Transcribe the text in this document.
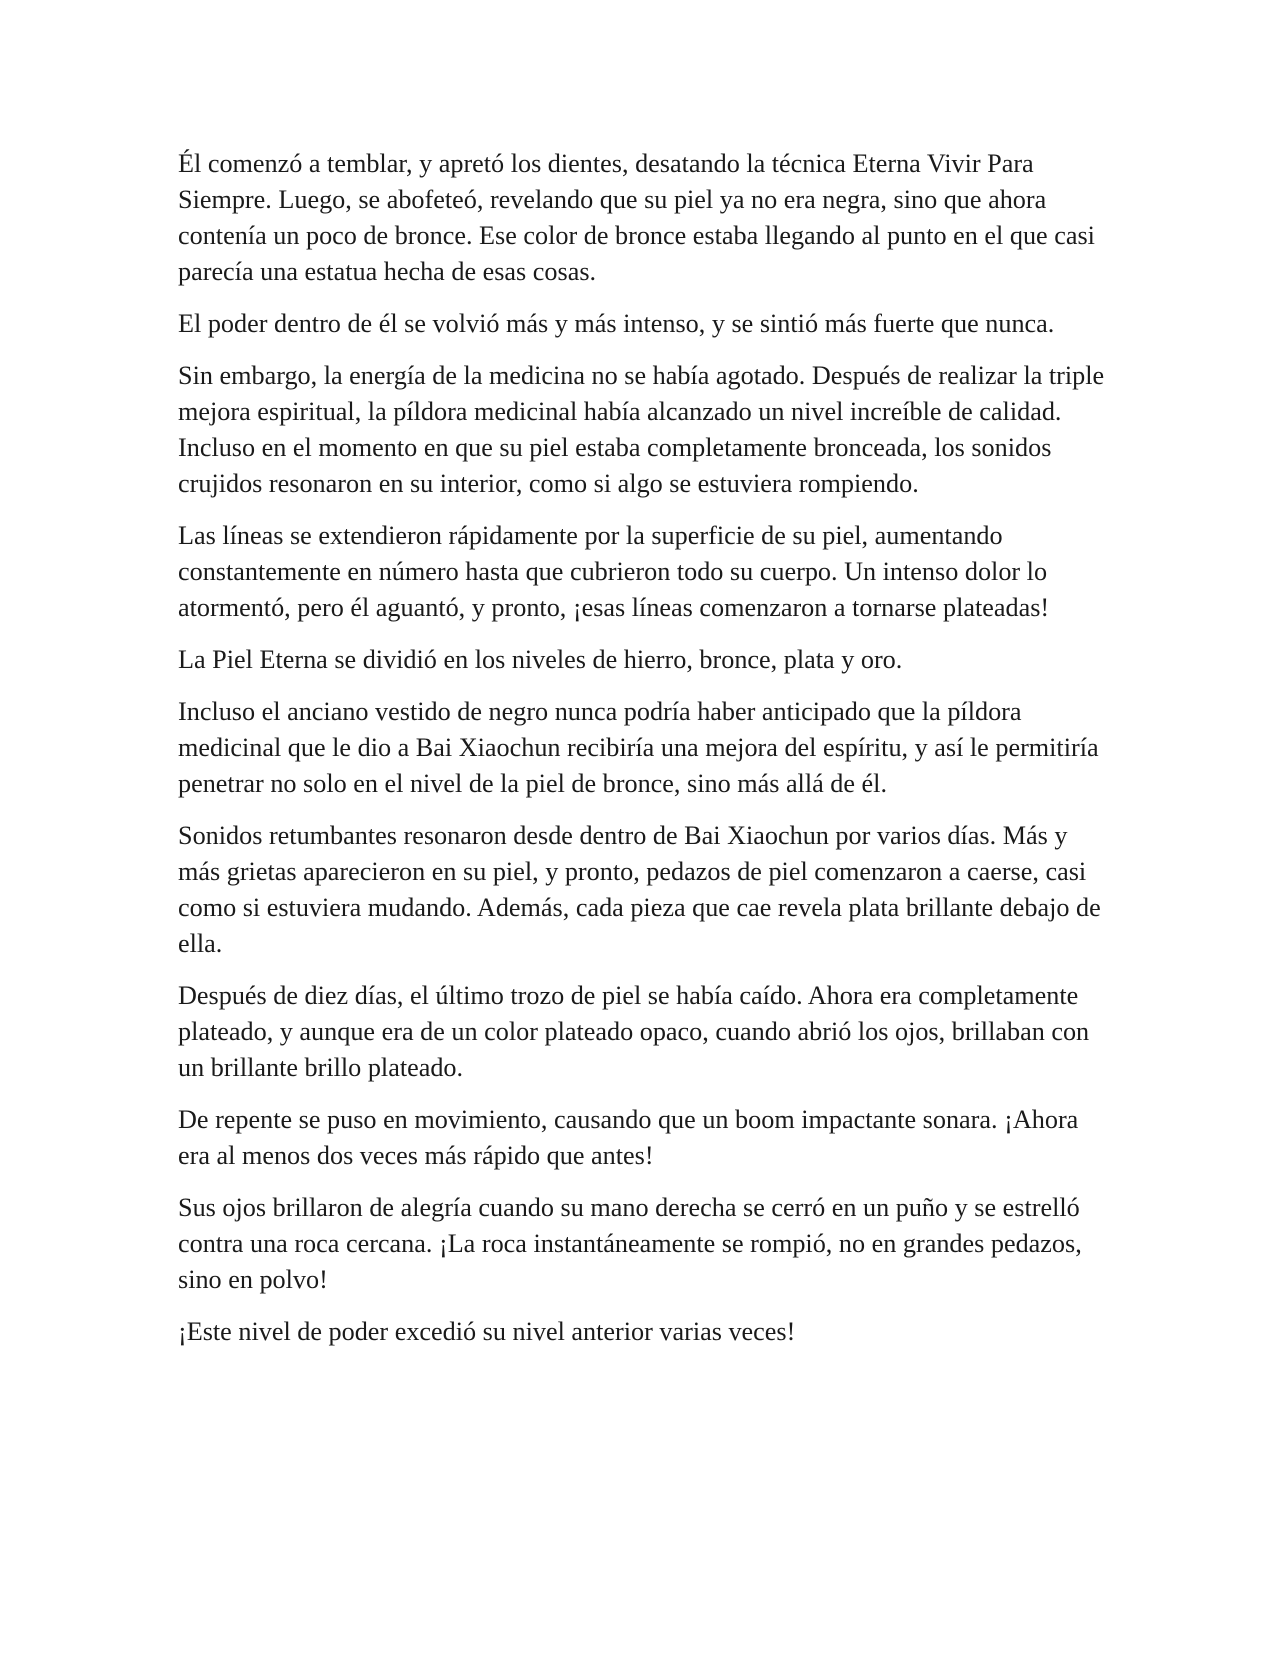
Él comenzó a temblar, y apretó los dientes, desatando la técnica Eterna Vivir Para Siempre. Luego, se abofeteó, revelando que su piel ya no era negra, sino que ahora contenía un poco de bronce. Ese color de bronce estaba llegando al punto en el que casi parecía una estatua hecha de esas cosas.

El poder dentro de él se volvió más y más intenso, y se sintió más fuerte que nunca.

Sin embargo, la energía de la medicina no se había agotado. Después de realizar la triple mejora espiritual, la píldora medicinal había alcanzado un nivel increíble de calidad. Incluso en el momento en que su piel estaba completamente bronceada, los sonidos crujidos resonaron en su interior, como si algo se estuviera rompiendo.

Las líneas se extendieron rápidamente por la superficie de su piel, aumentando constantemente en número hasta que cubrieron todo su cuerpo. Un intenso dolor lo atormentó, pero él aguantó, y pronto, ¡esas líneas comenzaron a tornarse plateadas!

La Piel Eterna se dividió en los niveles de hierro, bronce, plata y oro.

Incluso el anciano vestido de negro nunca podría haber anticipado que la píldora medicinal que le dio a Bai Xiaochun recibiría una mejora del espíritu, y así le permitiría penetrar no solo en el nivel de la piel de bronce, sino más allá de él.

Sonidos retumbantes resonaron desde dentro de Bai Xiaochun por varios días. Más y más grietas aparecieron en su piel, y pronto, pedazos de piel comenzaron a caerse, casi como si estuviera mudando. Además, cada pieza que cae revela plata brillante debajo de ella.

Después de diez días, el último trozo de piel se había caído. Ahora era completamente plateado, y aunque era de un color plateado opaco, cuando abrió los ojos, brillaban con un brillante brillo plateado.

De repente se puso en movimiento, causando que un boom impactante sonara. ¡Ahora era al menos dos veces más rápido que antes!

Sus ojos brillaron de alegría cuando su mano derecha se cerró en un puño y se estrelló contra una roca cercana. ¡La roca instantáneamente se rompió, no en grandes pedazos, sino en polvo!

¡Este nivel de poder excedió su nivel anterior varias veces!
